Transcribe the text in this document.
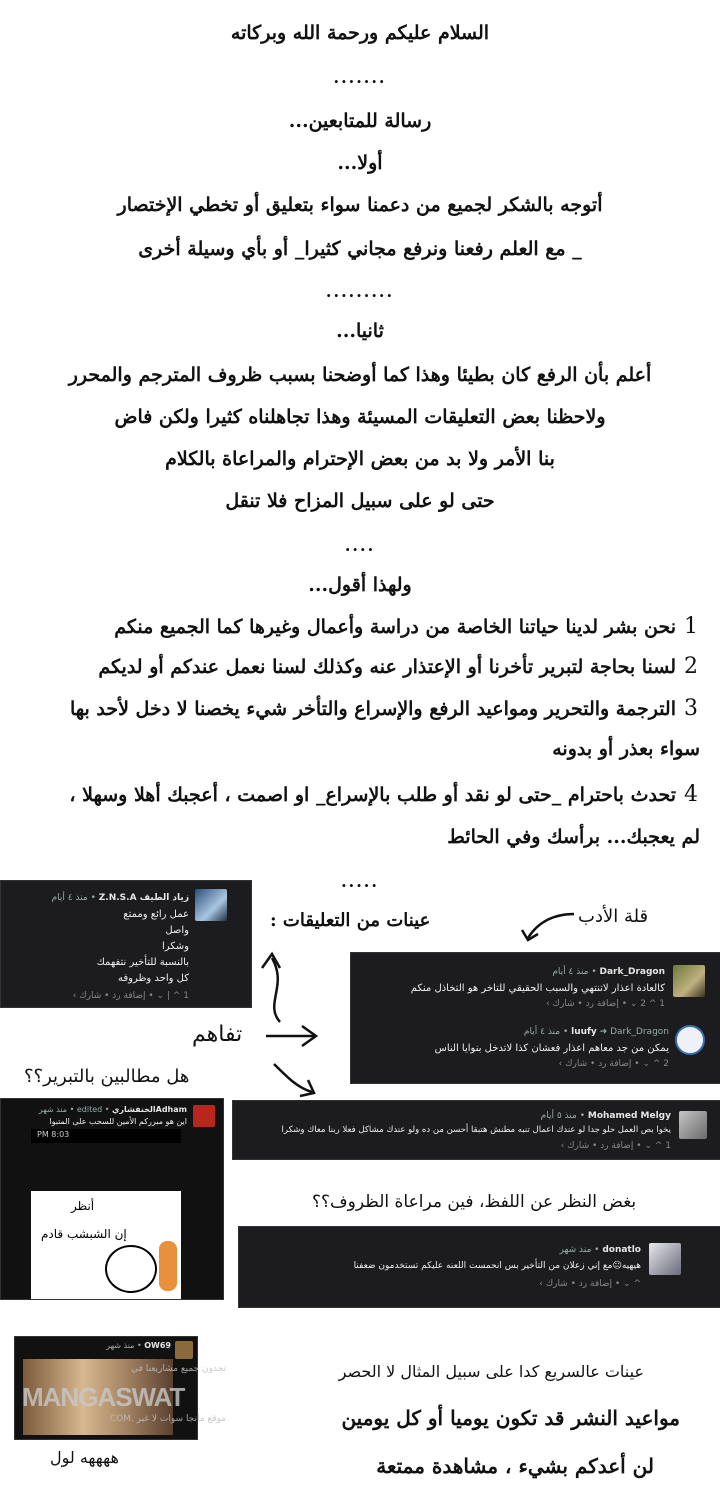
السلام عليكم ورحمة الله وبركاته
.......
رسالة للمتابعين...
أولا...
أتوجه بالشكر لجميع من دعمنا سواء بتعليق أو تخطي الإختصار
_ مع العلم رفعنا ونرفع مجاني كثيرا_ أو بأي وسيلة أخرى
.........
ثانيا...
أعلم بأن الرفع كان بطيئا وهذا كما أوضحنا بسبب ظروف المترجم والمحرر
ولاحظنا بعض التعليقات المسيئة وهذا تجاهلناه كثيرا ولكن فاض
بنا الأمر ولا بد من بعض الإحترام والمراعاة بالكلام
حتى لو على سبيل المزاح فلا تنقل
....
ولهذا أقول...
1نحن بشر لدينا حياتنا الخاصة من دراسة وأعمال وغيرها كما الجميع منكم
2لسنا بحاجة لتبرير تأخرنا أو الإعتذار عنه وكذلك لسنا نعمل عندكم أو لديكم
3الترجمة والتحرير ومواعيد الرفع والإسراع والتأخر شيء يخصنا لا دخل لأحد بها
سواء بعذر أو بدونه
4تحدث باحترام _حتى لو نقد أو طلب بالإسراع_ او اصمت ، أعجبك أهلا وسهلا ،
لم يعجبك... برأسك وفي الحائط
.....
عينات من التعليقات :	قلة الأدب
تفاهم
هل مطالبين بالتبرير؟؟
بغض النظر عن اللفظ، فين مراعاة الظروف؟؟
زياد الطيف Z.N.S.A • منذ ٤ أيام
عمل رائع وممتع
واصل
وشكرا
بالنسبة للتأخير نتفهمك
كل واحد وظروفه
1 ^ | ⌄ • إضافة رد • شارك ›
Dark_Dragon • منذ ٤ أيام
كالعادة اعذار لاتنتهي والسبب الحقيقي للتاخر هو التخاذل منكم
1 ^ 2 ⌄ • إضافة رد • شارك ›
luufy ➜ Dark_Dragon • منذ ٤ أيام
يمكن من جد معاهم اعذار فعشان كذا لاتدخل بنوايا الناس
2 ^ ⌄ • إضافة رد • شارك ›
Adhamالخنفشاري • edited • منذ شهر
اين هو مبرركم الأمين للسحب على المتبوا
8:03 PM
أنظر
إن الشبشب قادم
Mohamed Melgy • منذ ٥ أيام
يخوا بص العمل حلو جدا لو عندك اعمال تنبه مطنش هتبقا أحسن من ده ولو عندك مشاكل فعلا ربنا معاك وشكرا
1 ^ ⌄ • إضافة رد • شارك ›
donatlo • منذ شهر
هيهيه😐مع إني زعلان من التأخير بس انحمست اللعنه عليكم تستخدمون ضعفنا
^ ⌄ • إضافة رد • شارك ›
OW69 • منذ شهر
تجدون جميع مشاريعنا في
MANGASWAT
موقع مانجا سوات لا غير .COM
ههههه لول
عينات عالسريع كدا على سبيل المثال لا الحصر
مواعيد النشر قد تكون يوميا أو كل يومين
لن أعدكم بشيء ، مشاهدة ممتعة
